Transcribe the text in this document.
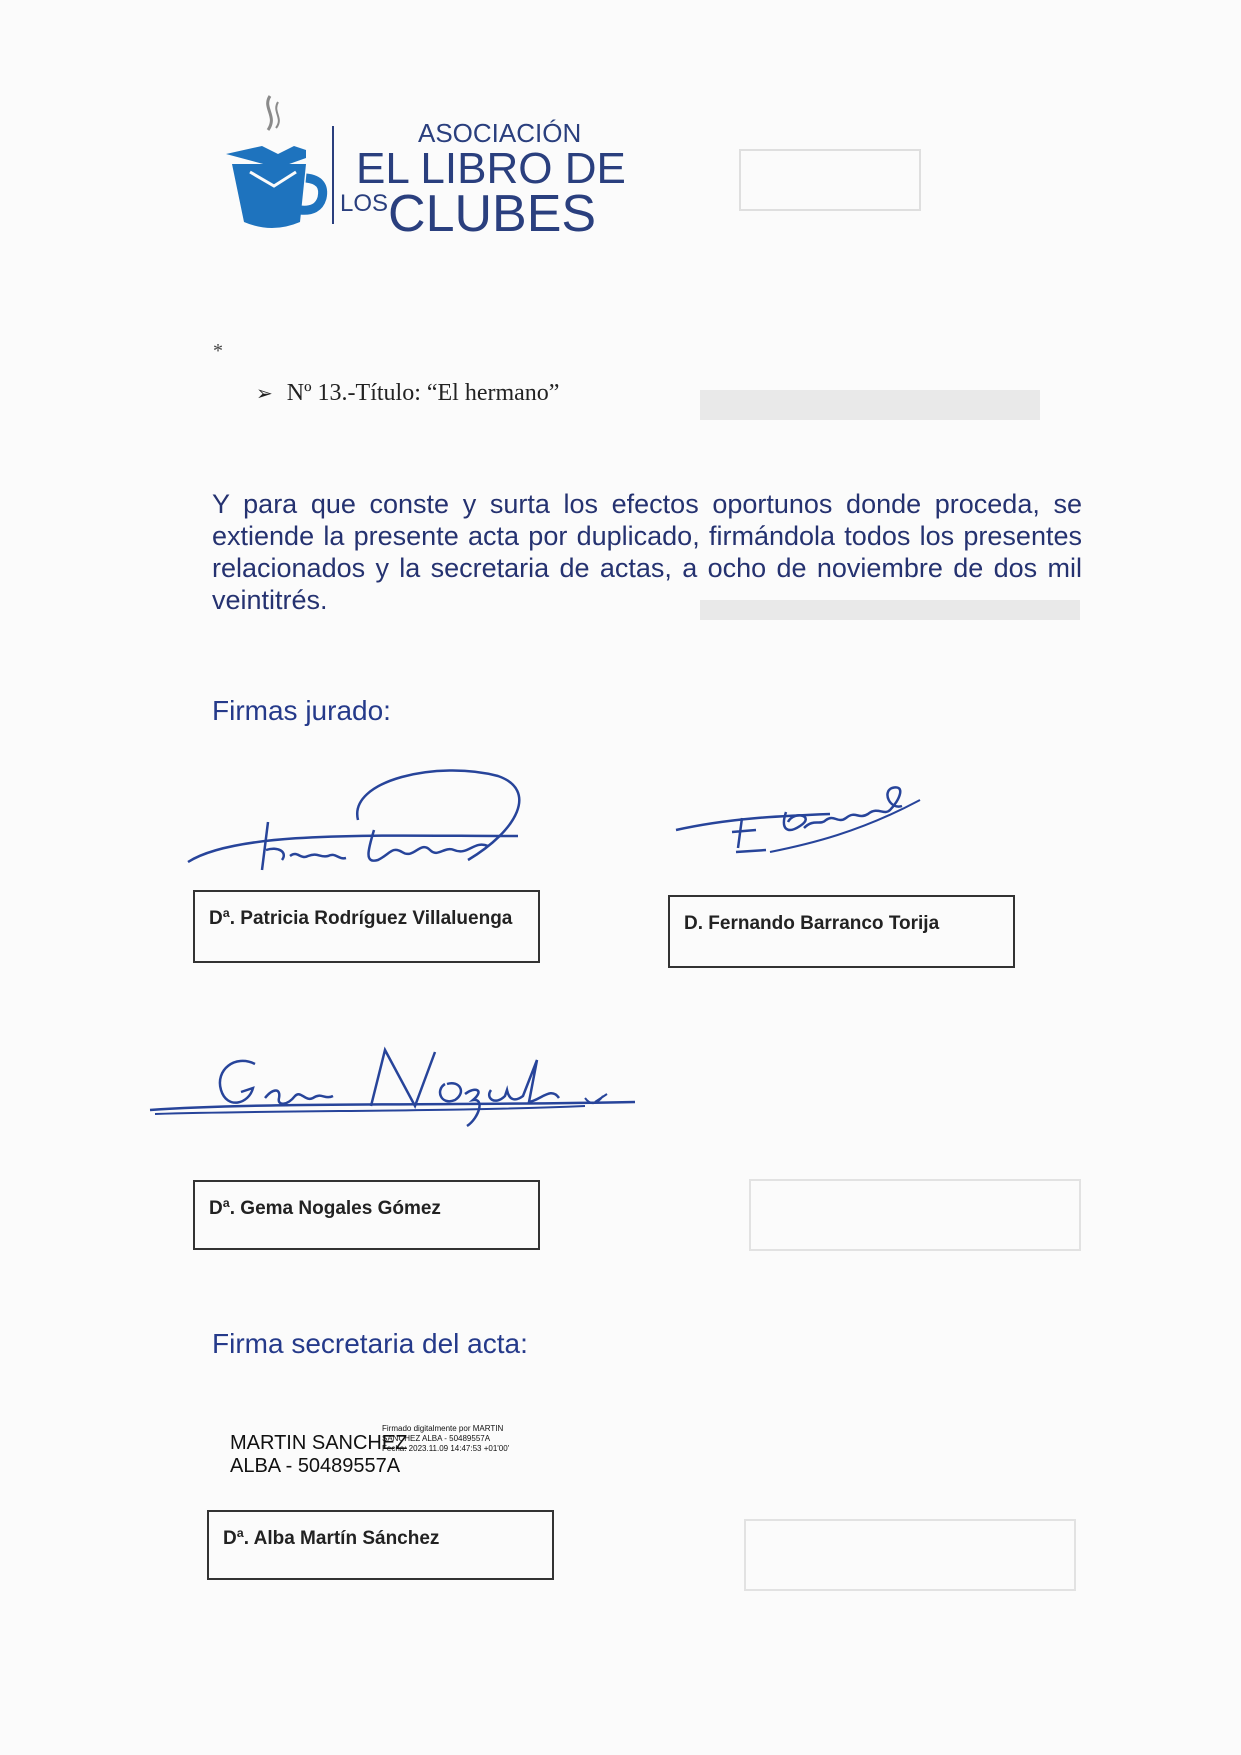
ASOCIACIÓN
EL LIBRO DE
$^{LOS}$CLUBES
*
➢ Nº 13.-Título: “El hermano”
Y para que conste y surta los efectos oportunos donde proceda, se extiende la presente acta por duplicado, firmándola todos los presentes relacionados y la secretaria de actas, a ocho de noviembre de dos mil veintitrés.
Firmas jurado:
Patricia Rodríguez
Dª. Patricia Rodríguez Villaluenga	D. Fernando Barranco Torija
Dª. Gema Nogales Gómez
Firma secretaria del acta:
MARTIN SANCHEZ ALBA - 50489557A
Firmado digitalmente por MARTIN SANCHEZ ALBA - 50489557A Fecha: 2023.11.09 14:47:53 +01'00'
Dª. Alba Martín Sánchez
